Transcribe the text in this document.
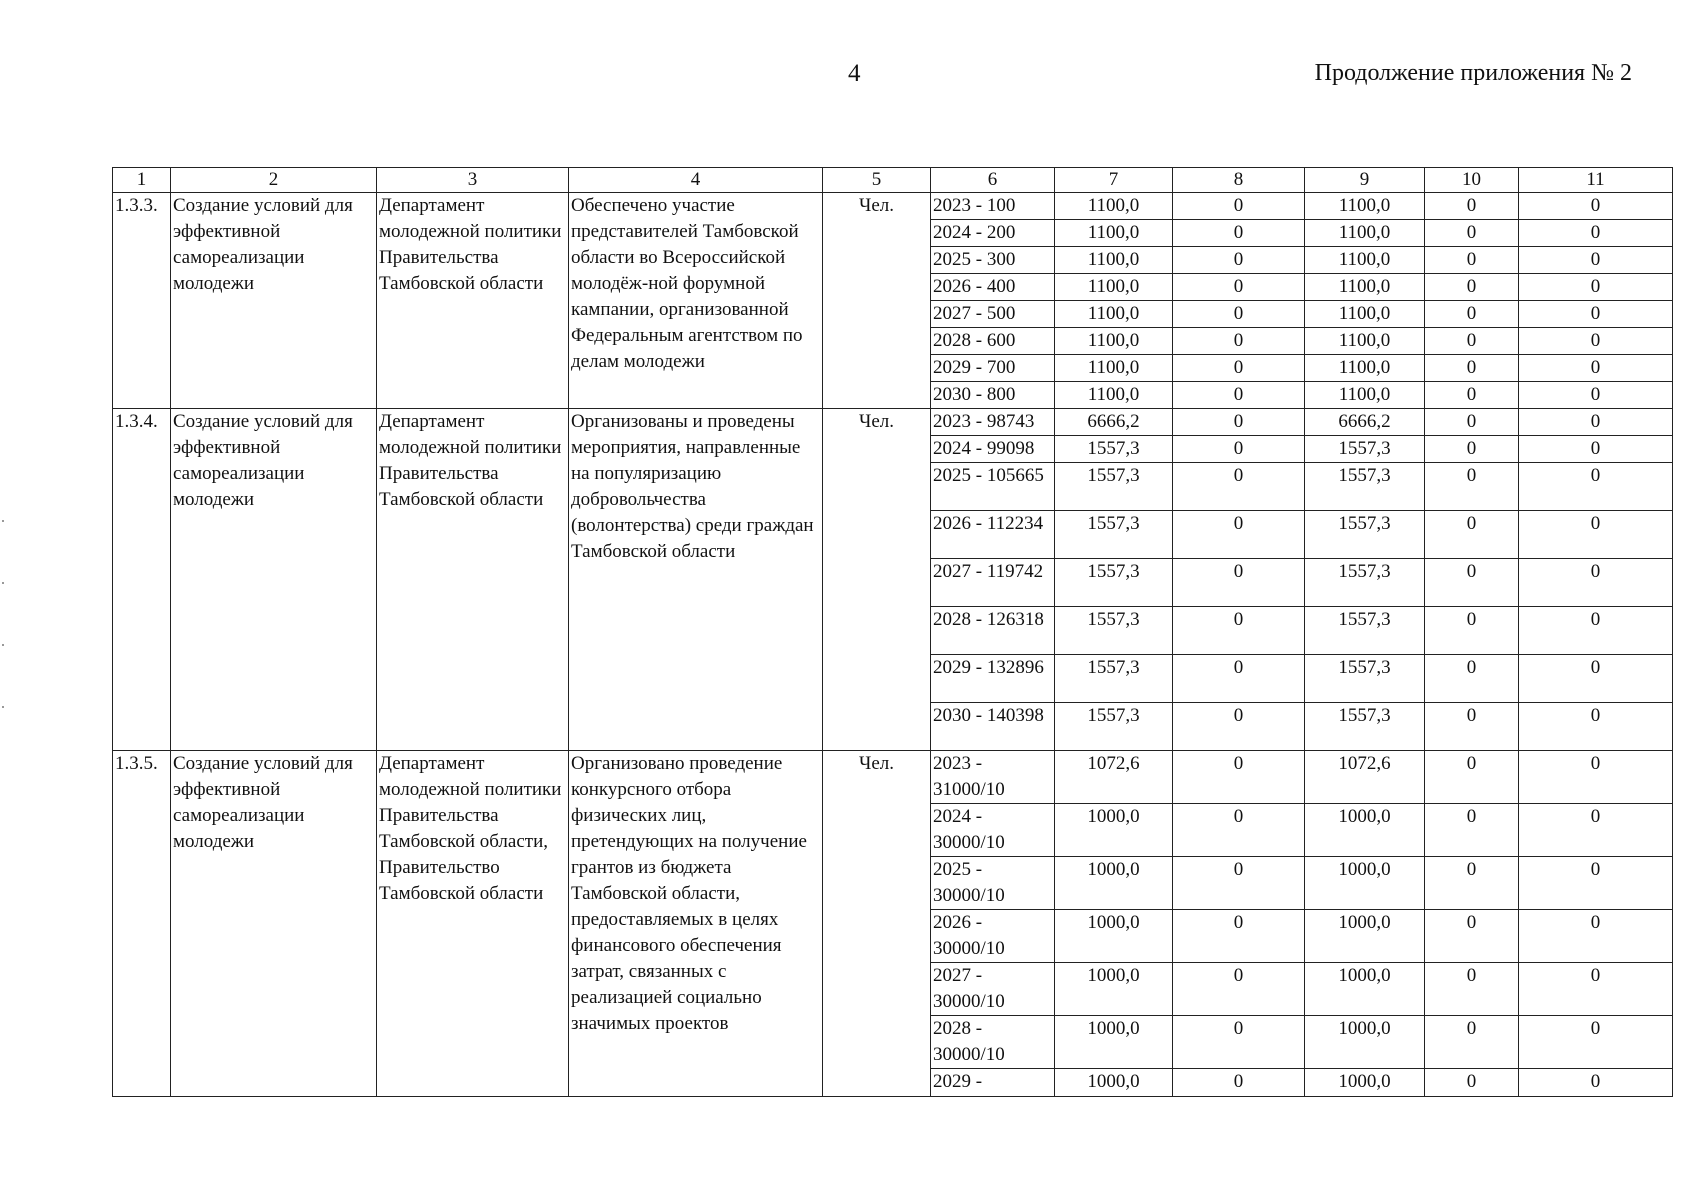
4	Продолжение приложения № 2
1	2	3	4	5	6	7	8	9	10	11
1.3.3.	Создание условий для эффективной самореализации молодежи	Департамент молодежной политики Правительства Тамбовской области	Обеспечено участие представителей Тамбовской области во Всероссийской молодёж-ной форумной кампании, организованной Федеральным агентством по делам молодежи	Чел.	2023 - 100	1100,0	0	1100,0	0	0
					2024 - 200	1100,0	0	1100,0	0	0
					2025 - 300	1100,0	0	1100,0	0	0
					2026 - 400	1100,0	0	1100,0	0	0
					2027 - 500	1100,0	0	1100,0	0	0
					2028 - 600	1100,0	0	1100,0	0	0
					2029 - 700	1100,0	0	1100,0	0	0
					2030 - 800	1100,0	0	1100,0	0	0
1.3.4.	Создание условий для эффективной самореализации молодежи	Департамент молодежной политики Правительства Тамбовской области	Организованы и проведены мероприятия, направленные на популяризацию добровольчества (волонтерства) среди граждан Тамбовской области	Чел.	2023 - 98743	6666,2	0	6666,2	0	0
					2024 - 99098	1557,3	0	1557,3	0	0
					2025 - 105665	1557,3	0	1557,3	0	0
					2026 - 112234	1557,3	0	1557,3	0	0
					2027 - 119742	1557,3	0	1557,3	0	0
					2028 - 126318	1557,3	0	1557,3	0	0
					2029 - 132896	1557,3	0	1557,3	0	0
					2030 - 140398	1557,3	0	1557,3	0	0
1.3.5.	Создание условий для эффективной самореализации молодежи	Департамент молодежной политики Правительства Тамбовской области, Правительство Тамбовской области	Организовано проведение конкурсного отбора физических лиц, претендующих на получение грантов из бюджета Тамбовской области, предоставляемых в целях финансового обеспечения затрат, связанных с реализацией социально значимых проектов	Чел.	2023 - 31000/10	1072,6	0	1072,6	0	0
					2024 - 30000/10	1000,0	0	1000,0	0	0
					2025 - 30000/10	1000,0	0	1000,0	0	0
					2026 - 30000/10	1000,0	0	1000,0	0	0
					2027 - 30000/10	1000,0	0	1000,0	0	0
					2028 - 30000/10	1000,0	0	1000,0	0	0
					2029 -	1000,0	0	1000,0	0	0
